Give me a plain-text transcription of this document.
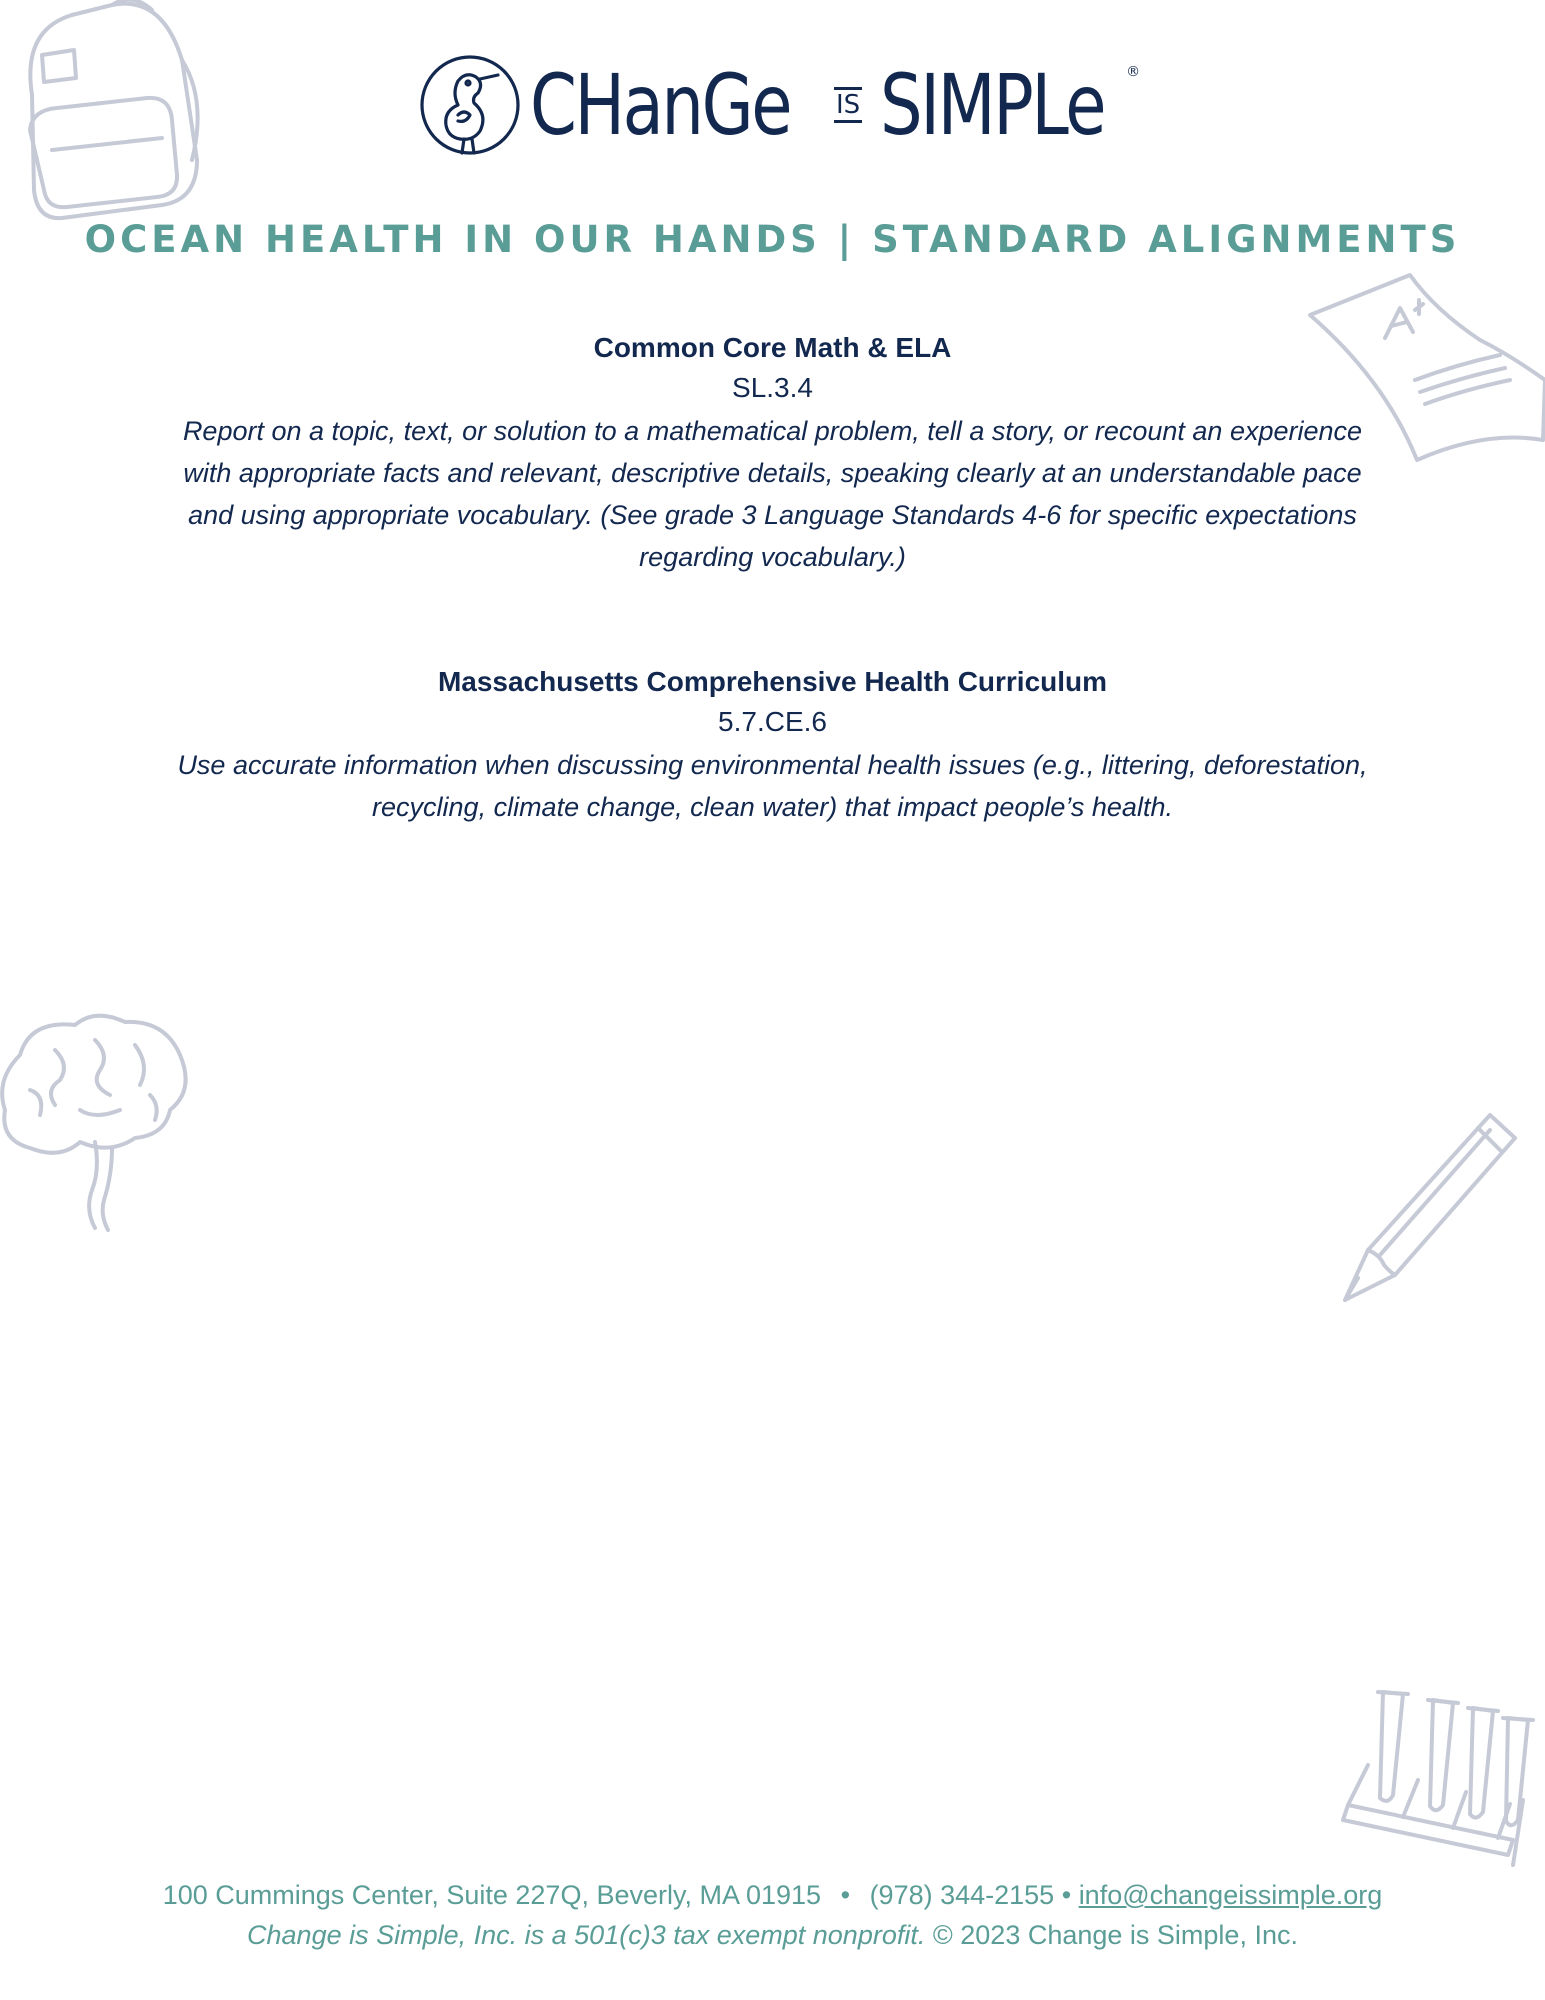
CHanGe IS SIMPLe ®
OCEAN HEALTH IN OUR HANDS | STANDARD ALIGNMENTS

Common Core Math & ELA

SL.3.4

Report on a topic, text, or solution to a mathematical problem, tell a story, or recount an experience with appropriate facts and relevant, descriptive details, speaking clearly at an understandable pace and using appropriate vocabulary. (See grade 3 Language Standards 4-6 for specific expectations regarding vocabulary.)

Massachusetts Comprehensive Health Curriculum

5.7.CE.6

Use accurate information when discussing environmental health issues (e.g., littering, deforestation, recycling, climate change, clean water) that impact people’s health.

100 Cummings Center, Suite 227Q, Beverly, MA 01915 • (978) 344-2155 • info@changeissimple.org
Change is Simple, Inc. is a 501(c)3 tax exempt nonprofit. © 2023 Change is Simple, Inc.
